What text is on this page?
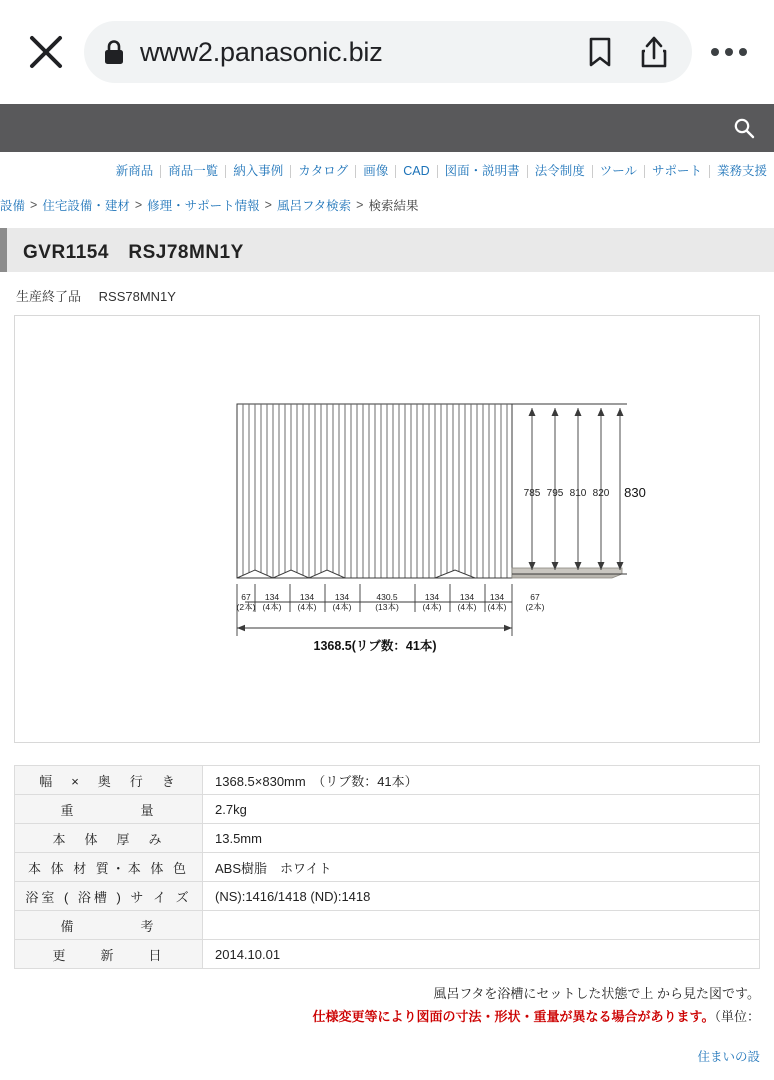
www2.panasonic.biz
新商品	商品一覧	納入事例	カタログ	画像	CAD	図面・説明書	法令制度	ツール	サポート	業務支援
設備 > 住宅設備・建材 > 修理・サポート情報 > 風呂フタ検索 > 検索結果
GVR1154　RSJ78MN1Y
生産終了品 RSS78MN1Y
785 795 810 820 830
67
(2本)
134
(4本)
134
(4本)
134
(4本)
430.5
(13本)
134
(4本)
134
(4本)
134
(4本)
67
(2本)
1368.5(リブ数：41本)
幅　×　奥　行　き	1368.5×830mm　（リブ数：41本）
重　　　　量	2.7kg
本　体　厚　み	13.5mm
本 体 材 質・本 体 色	ABS樹脂　ホワイト
浴室 ( 浴槽 ) サ イ ズ	(NS):1416/1418 (ND):1418
備　　　　考	
更　　新　　日	2014.10.01
風呂フタを浴槽にセットした状態で上 から見た図です。
仕様変更等により図面の寸法・形状・重量が異なる場合があります。（単位：
住まいの設
